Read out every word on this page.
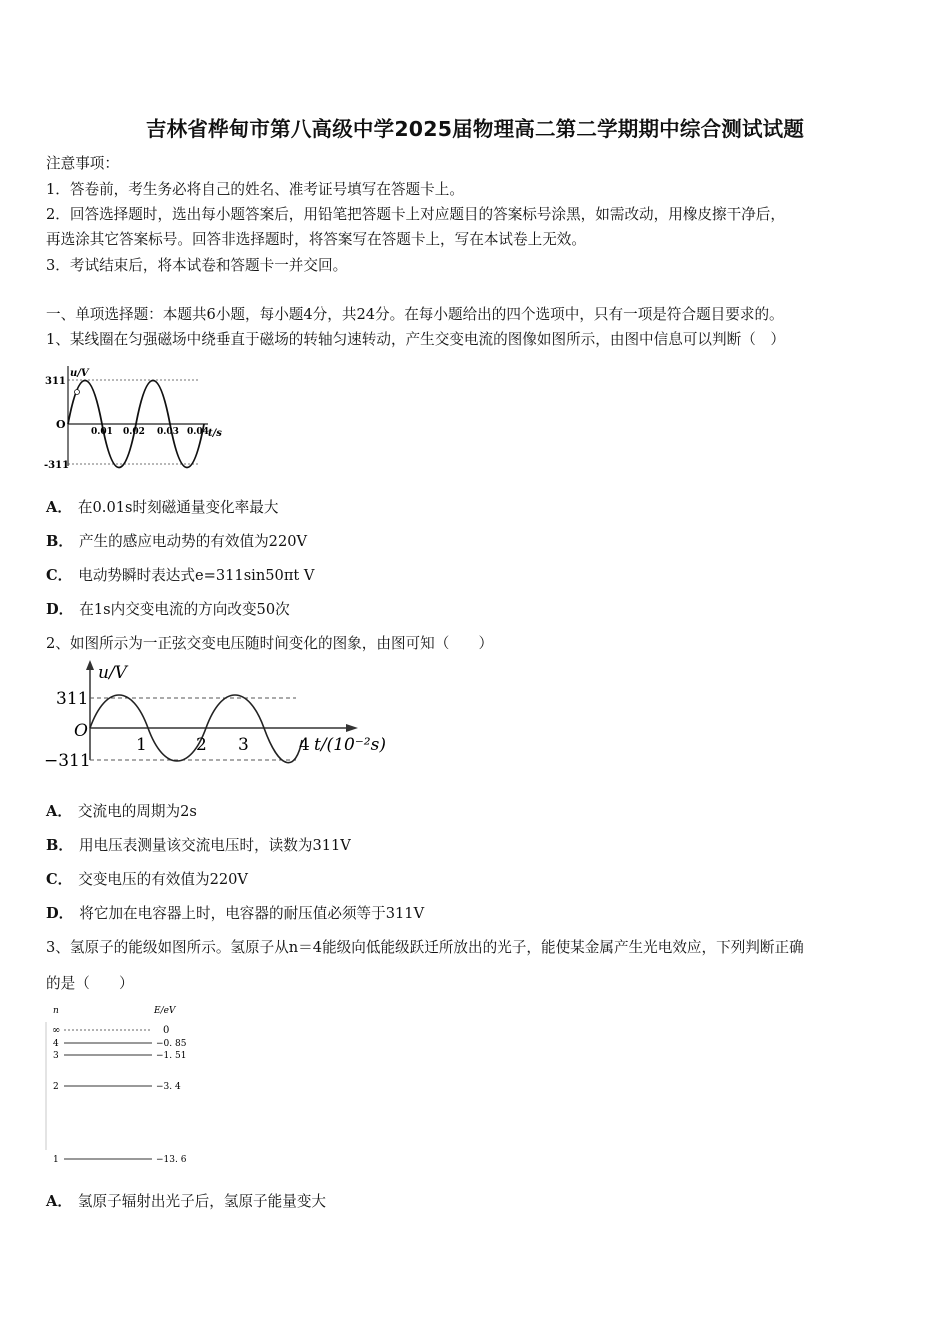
吉林省桦甸市第八高级中学2025届物理高二第二学期期中综合测试试题
注意事项：
1．答卷前，考生务必将自己的姓名、准考证号填写在答题卡上。
2．回答选择题时，选出每小题答案后，用铅笔把答题卡上对应题目的答案标号涂黑，如需改动，用橡皮擦干净后，
再选涂其它答案标号。回答非选择题时，将答案写在答题卡上，写在本试卷上无效。
3．考试结束后，将本试卷和答题卡一并交回。
一、单项选择题：本题共6小题，每小题4分，共24分。在每小题给出的四个选项中，只有一项是符合题目要求的。
1、某线圈在匀强磁场中绕垂直于磁场的转轴匀速转动，产生交变电流的图像如图所示，由图中信息可以判断（　）
u/V
311
O
-311
0.01 0.02 0.03 0.04 t/s
A． 在0.01s时刻磁通量变化率最大
B． 产生的感应电动势的有效值为220V
C． 电动势瞬时表达式e=311sin50πt V
D． 在1s内交变电流的方向改变50次
2、如图所示为一正弦交变电压随时间变化的图象，由图可知（　　）
u/V
311
O
−311
1	2 3	4 t/(10⁻²s)
A． 交流电的周期为2s
B． 用电压表测量该交流电压时，读数为311V
C． 交变电压的有效值为220V
D． 将它加在电容器上时，电容器的耐压值必须等于311V
3、氢原子的能级如图所示。氢原子从n＝4能级向低能级跃迁所放出的光子，能使某金属产生光电效应，下列判断正确
的是（　　）
n	E/eV
∞	0
4	−0. 85
3	−1. 51
2	−3. 4
1	−13. 6
A． 氢原子辐射出光子后，氢原子能量变大
